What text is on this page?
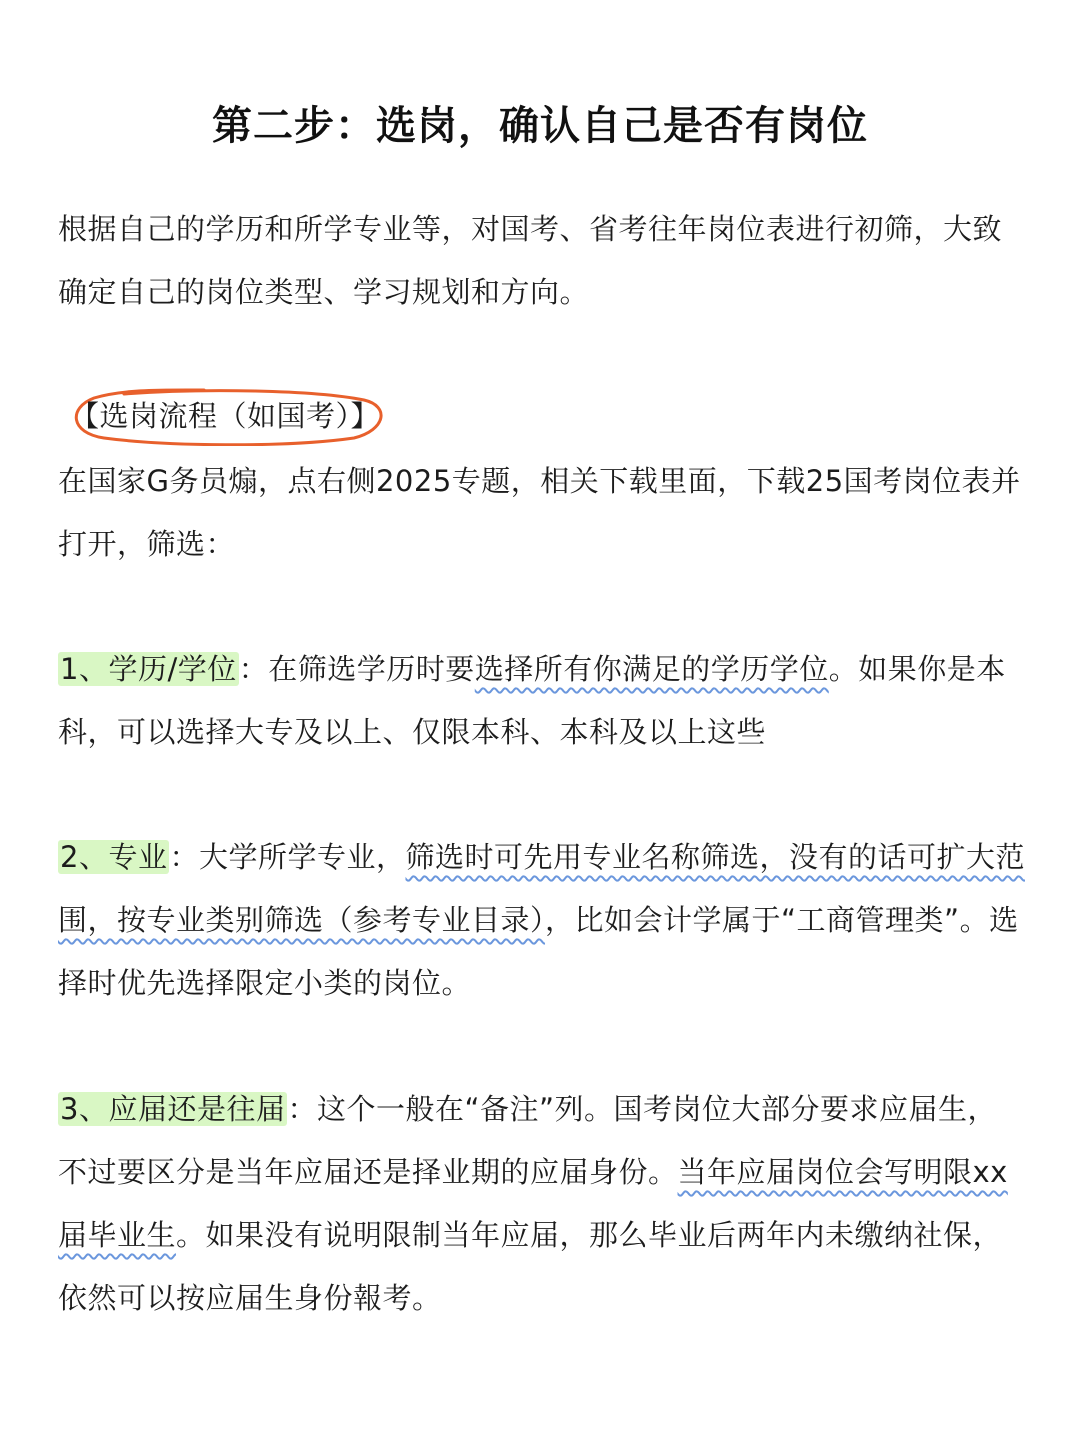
第二步：选岗，确认自己是否有岗位

根据自己的学历和所学专业等，对国考、省考往年岗位表进行初筛，大致确定自己的岗位类型、学习规划和方向。

【选岗流程（如国考）】

在国家G务员煽，点右侧2025专题，相关下载里面，下载25国考岗位表并打开，筛选：

1、学历/学位：在筛选学历时要选择所有你满足的学历学位。如果你是本科，可以选择大专及以上、仅限本科、本科及以上这些

2、专业：大学所学专业，筛选时可先用专业名称筛选，没有的话可扩大范围，按专业类别筛选（参考专业目录），比如会计学属于“工商管理类”。选择时优先选择限定小类的岗位。

3、应届还是往届：这个一般在“备注”列。国考岗位大部分要求应届生，不过要区分是当年应届还是择业期的应届身份。当年应届岗位会写明限xx届毕业生。如果没有说明限制当年应届，那么毕业后两年内未缴纳社保，依然可以按应届生身份報考。
